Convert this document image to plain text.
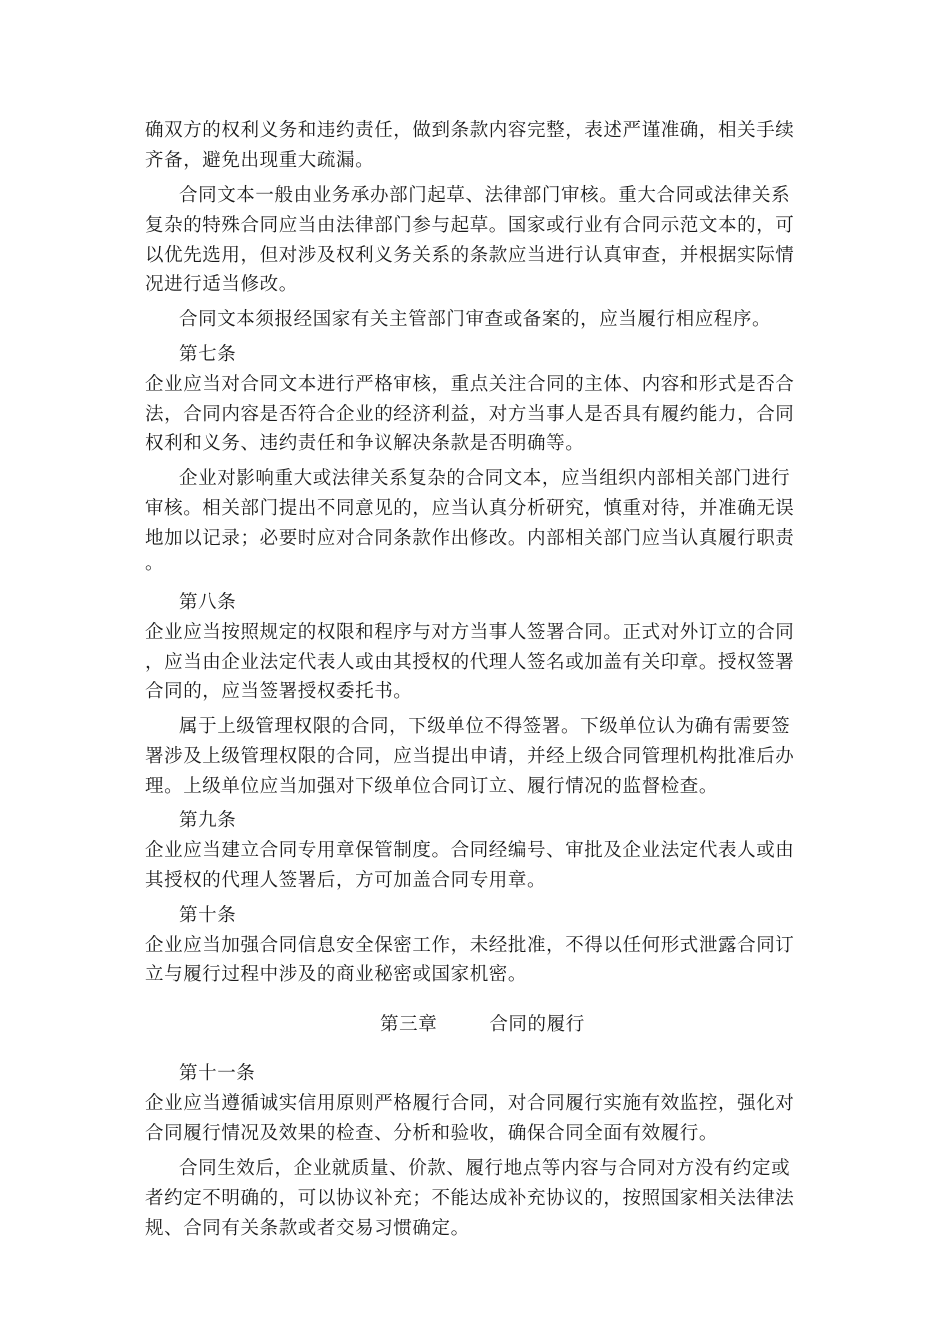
确双方的权利义务和违约责任，做到条款内容完整，表述严谨准确，相关手续
齐备，避免出现重大疏漏。
合同文本一般由业务承办部门起草、法律部门审核。重大合同或法律关系
复杂的特殊合同应当由法律部门参与起草。国家或行业有合同示范文本的，可
以优先选用，但对涉及权利义务关系的条款应当进行认真审查，并根据实际情
况进行适当修改。
合同文本须报经国家有关主管部门审查或备案的，应当履行相应程序。
第七条
企业应当对合同文本进行严格审核，重点关注合同的主体、内容和形式是否合
法，合同内容是否符合企业的经济利益，对方当事人是否具有履约能力，合同
权利和义务、违约责任和争议解决条款是否明确等。
企业对影响重大或法律关系复杂的合同文本，应当组织内部相关部门进行
审核。相关部门提出不同意见的，应当认真分析研究，慎重对待，并准确无误
地加以记录；必要时应对合同条款作出修改。内部相关部门应当认真履行职责
。
第八条
企业应当按照规定的权限和程序与对方当事人签署合同。正式对外订立的合同
，应当由企业法定代表人或由其授权的代理人签名或加盖有关印章。授权签署
合同的，应当签署授权委托书。
属于上级管理权限的合同，下级单位不得签署。下级单位认为确有需要签
署涉及上级管理权限的合同，应当提出申请，并经上级合同管理机构批准后办
理。上级单位应当加强对下级单位合同订立、履行情况的监督检查。
第九条
企业应当建立合同专用章保管制度。合同经编号、审批及企业法定代表人或由
其授权的代理人签署后，方可加盖合同专用章。
第十条
企业应当加强合同信息安全保密工作，未经批准，不得以任何形式泄露合同订
立与履行过程中涉及的商业秘密或国家机密。
第三章	合同的履行
第十一条
企业应当遵循诚实信用原则严格履行合同，对合同履行实施有效监控，强化对
合同履行情况及效果的检查、分析和验收，确保合同全面有效履行。
合同生效后，企业就质量、价款、履行地点等内容与合同对方没有约定或
者约定不明确的，可以协议补充；不能达成补充协议的，按照国家相关法律法
规、合同有关条款或者交易习惯确定。
